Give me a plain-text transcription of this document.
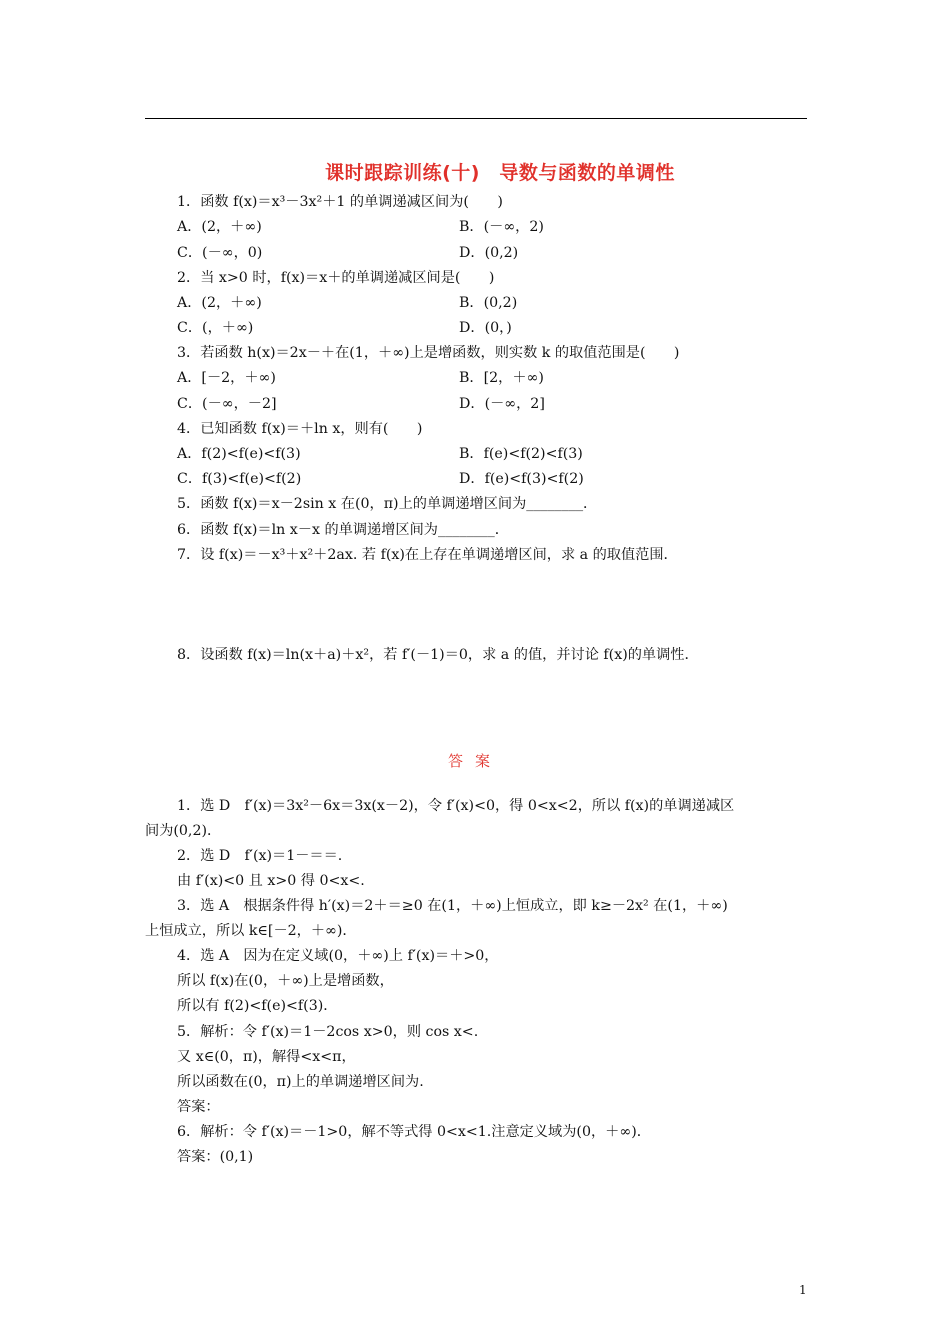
课时跟踪训练(十)　导数与函数的单调性
1．函数 f(x)＝x³－3x²＋1 的单调递减区间为(　　)
A．(2，＋∞)	B．(－∞，2)
C．(－∞，0)	D．(0,2)
2．当 x>0 时，f(x)＝x＋的单调递减区间是(　　)
A．(2，＋∞)	B．(0,2)
C．(，＋∞)	D．(0，)
3．若函数 h(x)＝2x－＋在(1，＋∞)上是增函数，则实数 k 的取值范围是(　　)
A．[－2，＋∞)	B．[2，＋∞)
C．(－∞，－2]	D．(－∞，2]
4．已知函数 f(x)＝＋ln x，则有(　　)
A．f(2)<f(e)<f(3)	B．f(e)<f(2)<f(3)
C．f(3)<f(e)<f(2)	D．f(e)<f(3)<f(2)
5．函数 f(x)＝x－2sin x 在(0，π)上的单调递增区间为________．
6．函数 f(x)＝ln x－x 的单调递增区间为________．
7．设 f(x)＝－x³＋x²＋2ax. 若 f(x)在上存在单调递增区间，求 a 的取值范围．
8．设函数 f(x)＝ln(x＋a)＋x²，若 f′(－1)＝0，求 a 的值，并讨论 f(x)的单调性．
答案
1．选 D　f′(x)＝3x²－6x＝3x(x－2)，令 f′(x)<0，得 0<x<2，所以 f(x)的单调递减区
间为(0,2)．
2．选 D　f′(x)＝1－＝＝.
由 f′(x)<0 且 x>0 得 0<x<.
3．选 A　根据条件得 h′(x)＝2＋＝≥0 在(1，＋∞)上恒成立，即 k≥－2x² 在(1，＋∞)
上恒成立，所以 k∈[－2，＋∞)．
4．选 A　因为在定义域(0，＋∞)上 f′(x)＝＋>0，
所以 f(x)在(0，＋∞)上是增函数，
所以有 f(2)<f(e)<f(3)．
5．解析：令 f′(x)＝1－2cos x>0，则 cos x<.
又 x∈(0，π)，解得<x<π，
所以函数在(0，π)上的单调递增区间为.
答案：
6．解析：令 f′(x)＝－1>0，解不等式得 0<x<1.注意定义域为(0，＋∞)．
答案：(0,1)
1
